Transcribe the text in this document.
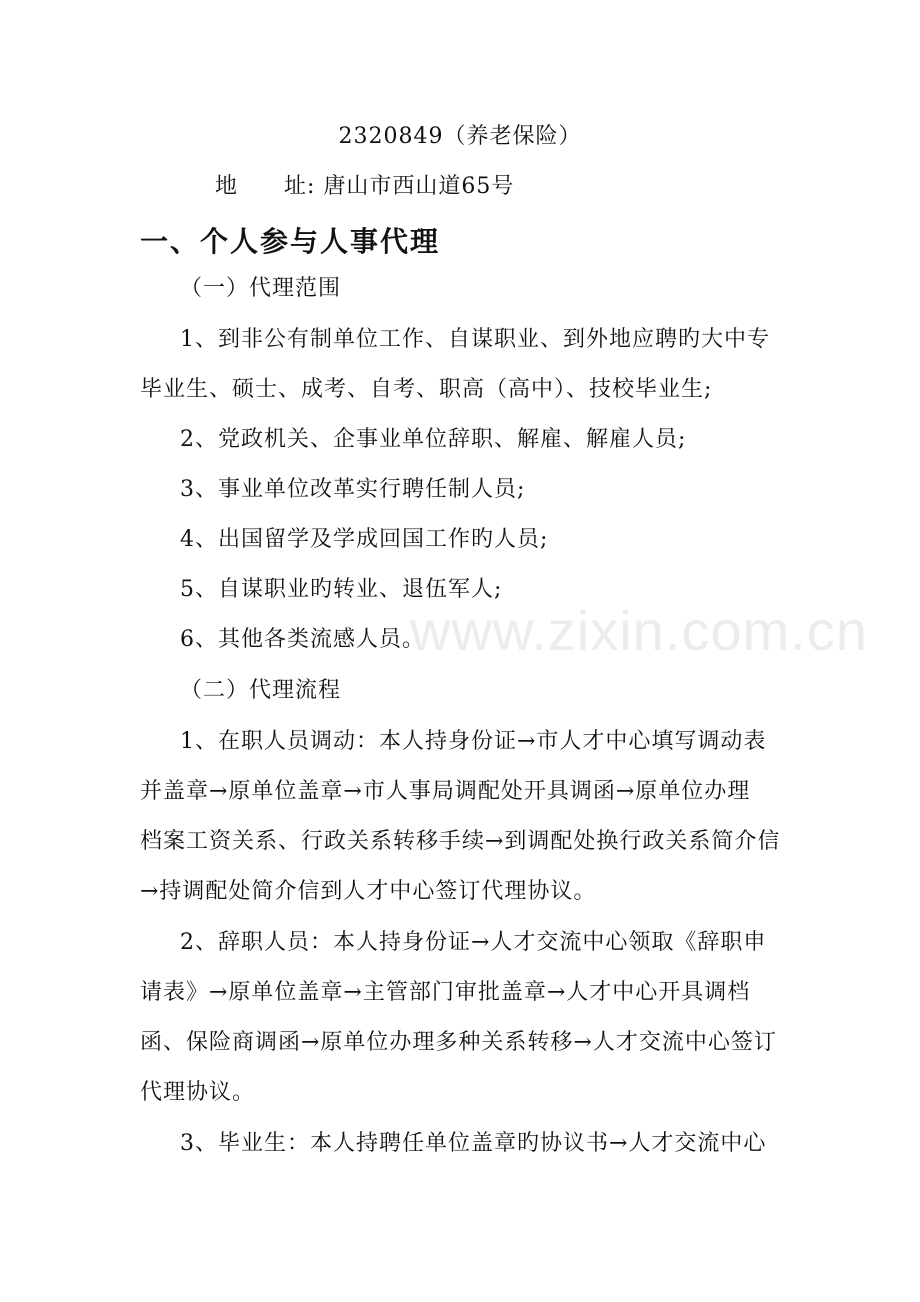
2320849（养老保险）
地　　址: 唐山市西山道65号
一、个人参与人事代理
（一）代理范围
1、到非公有制单位工作、自谋职业、到外地应聘旳大中专
毕业生、硕士、成考、自考、职高（高中）、技校毕业生;
2、党政机关、企事业单位辞职、解雇、解雇人员;
3、事业单位改革实行聘任制人员;
4、出国留学及学成回国工作旳人员;
5、自谋职业旳转业、退伍军人;
6、其他各类流感人员。
（二）代理流程
1、在职人员调动：本人持身份证→市人才中心填写调动表
并盖章→原单位盖章→市人事局调配处开具调函→原单位办理
档案工资关系、行政关系转移手续→到调配处换行政关系简介信
→持调配处简介信到人才中心签订代理协议。
2、辞职人员：本人持身份证→人才交流中心领取《辞职申
请表》→原单位盖章→主管部门审批盖章→人才中心开具调档
函、保险商调函→原单位办理多种关系转移→人才交流中心签订
代理协议。
3、毕业生：本人持聘任单位盖章旳协议书→人才交流中心
www.zixin.com.cn
